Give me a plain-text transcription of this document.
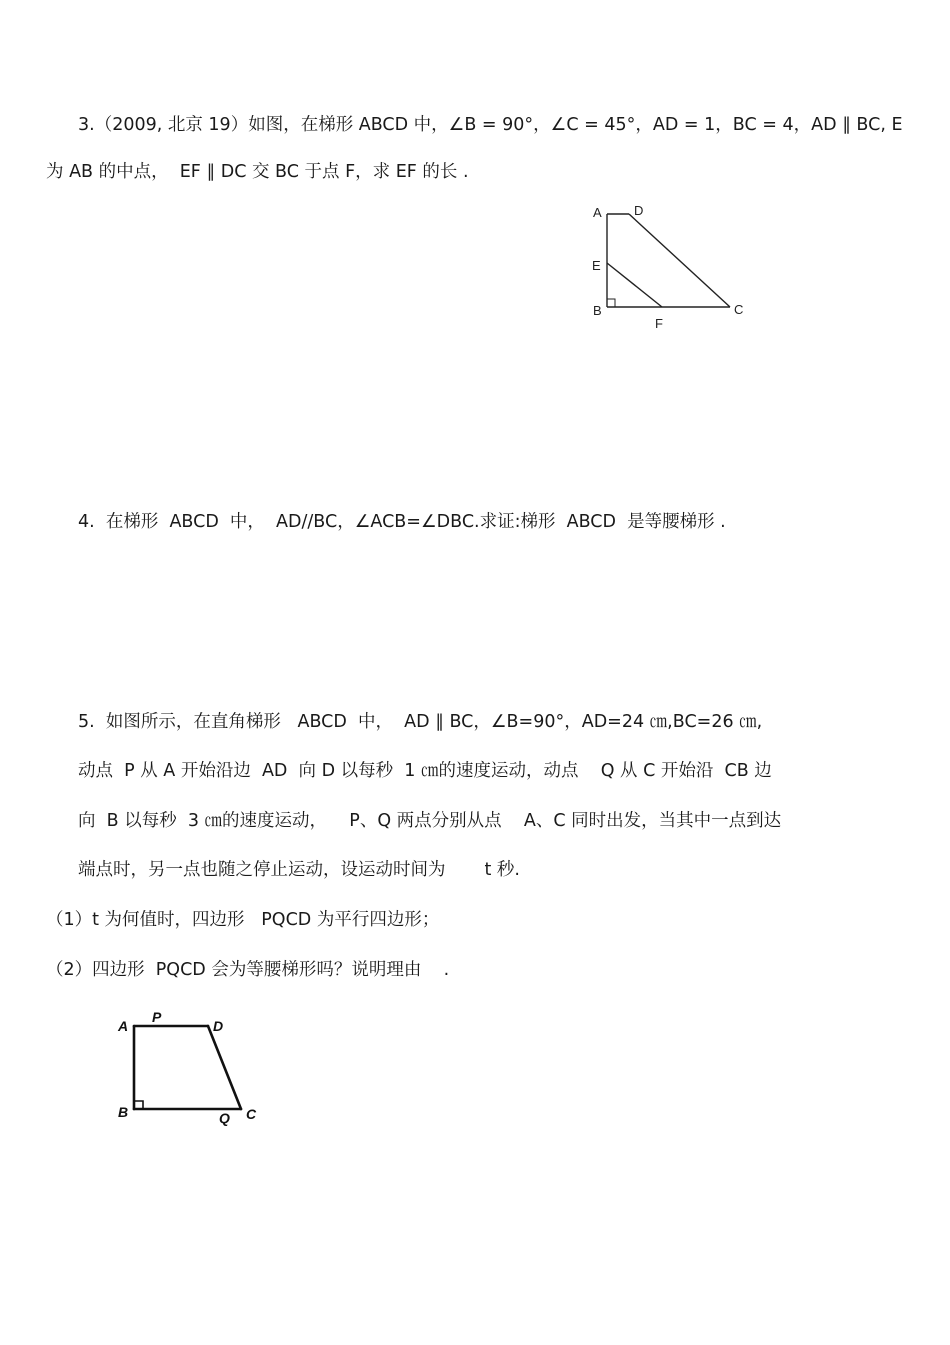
3.（2009, 北京 19）如图，在梯形 ABCD 中，∠B = 90°，∠C = 45°，AD = 1，BC = 4，AD ∥ BC, E
为 AB 的中点，  EF ∥ DC 交 BC 于点 F，求 EF 的长 .
A D
E
B
F
C
4.  在梯形  ABCD  中，  AD//BC，∠ACB=∠DBC.求证:梯形  ABCD  是等腰梯形 .
5.  如图所示，在直角梯形   ABCD  中，  AD ∥ BC，∠B=90°，AD=24 ㎝,BC=26 ㎝,
动点  P 从 A 开始沿边  AD  向 D 以每秒  1 ㎝的速度运动，动点    Q 从 C 开始沿  CB 边
向  B 以每秒  3 ㎝的速度运动，    P、Q 两点分别从点    A、C 同时出发，当其中一点到达
端点时，另一点也随之停止运动，设运动时间为       t 秒.
（1）t 为何值时，四边形   PQCD 为平行四边形；
（2）四边形  PQCD 会为等腰梯形吗？说明理由    .
A
P
D
B	Q C
